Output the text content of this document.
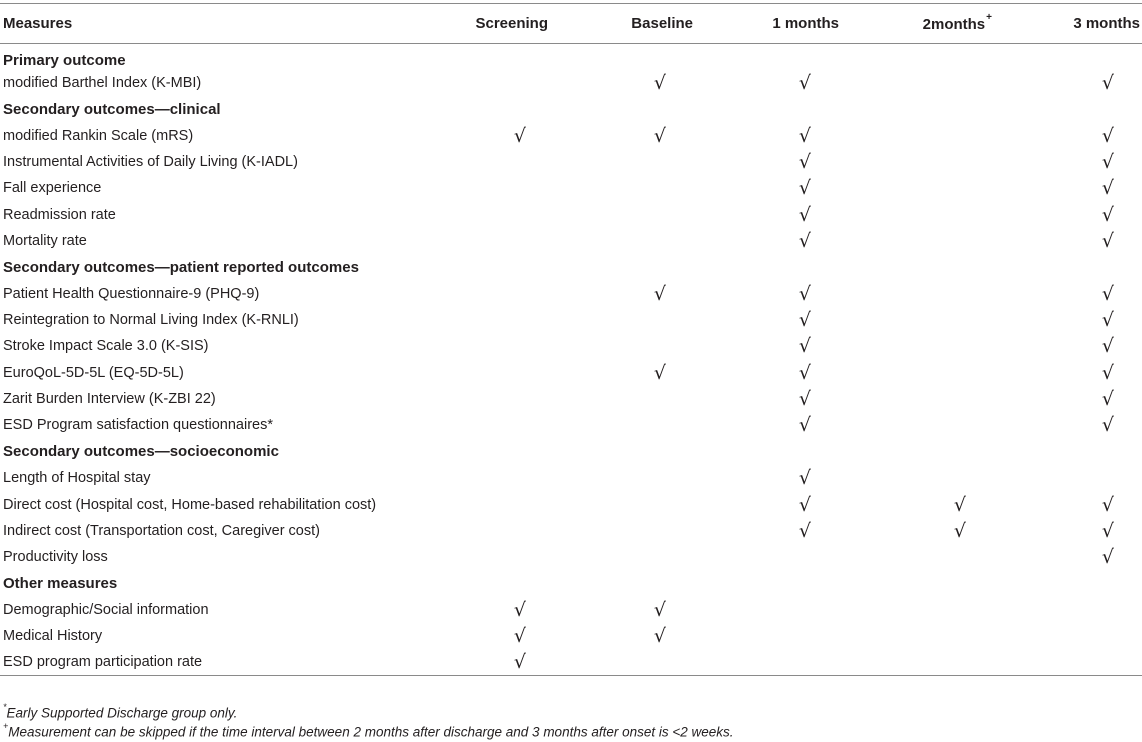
Measures	Screening	Baseline	1 months	2months+	3 months
Primary outcome					
modified Barthel Index (K-MBI)		√	√		√
Secondary outcomes—clinical					
modified Rankin Scale (mRS)	√	√	√		√
Instrumental Activities of Daily Living (K-IADL)			√		√
Fall experience			√		√
Readmission rate			√		√
Mortality rate			√		√
Secondary outcomes—patient reported outcomes					
Patient Health Questionnaire-9 (PHQ-9)		√	√		√
Reintegration to Normal Living Index (K-RNLI)			√		√
Stroke Impact Scale 3.0 (K-SIS)			√		√
EuroQoL-5D-5L (EQ-5D-5L)		√	√		√
Zarit Burden Interview (K-ZBI 22)			√		√
ESD Program satisfaction questionnaires*			√		√
Secondary outcomes—socioeconomic					
Length of Hospital stay			√		
Direct cost (Hospital cost, Home-based rehabilitation cost)			√	√	√
Indirect cost (Transportation cost, Caregiver cost)			√	√	√
Productivity loss					√
Other measures					
Demographic/Social information	√	√			
Medical History	√	√			
ESD program participation rate	√				
*Early Supported Discharge group only.
+Measurement can be skipped if the time interval between 2 months after discharge and 3 months after onset is <2 weeks.
